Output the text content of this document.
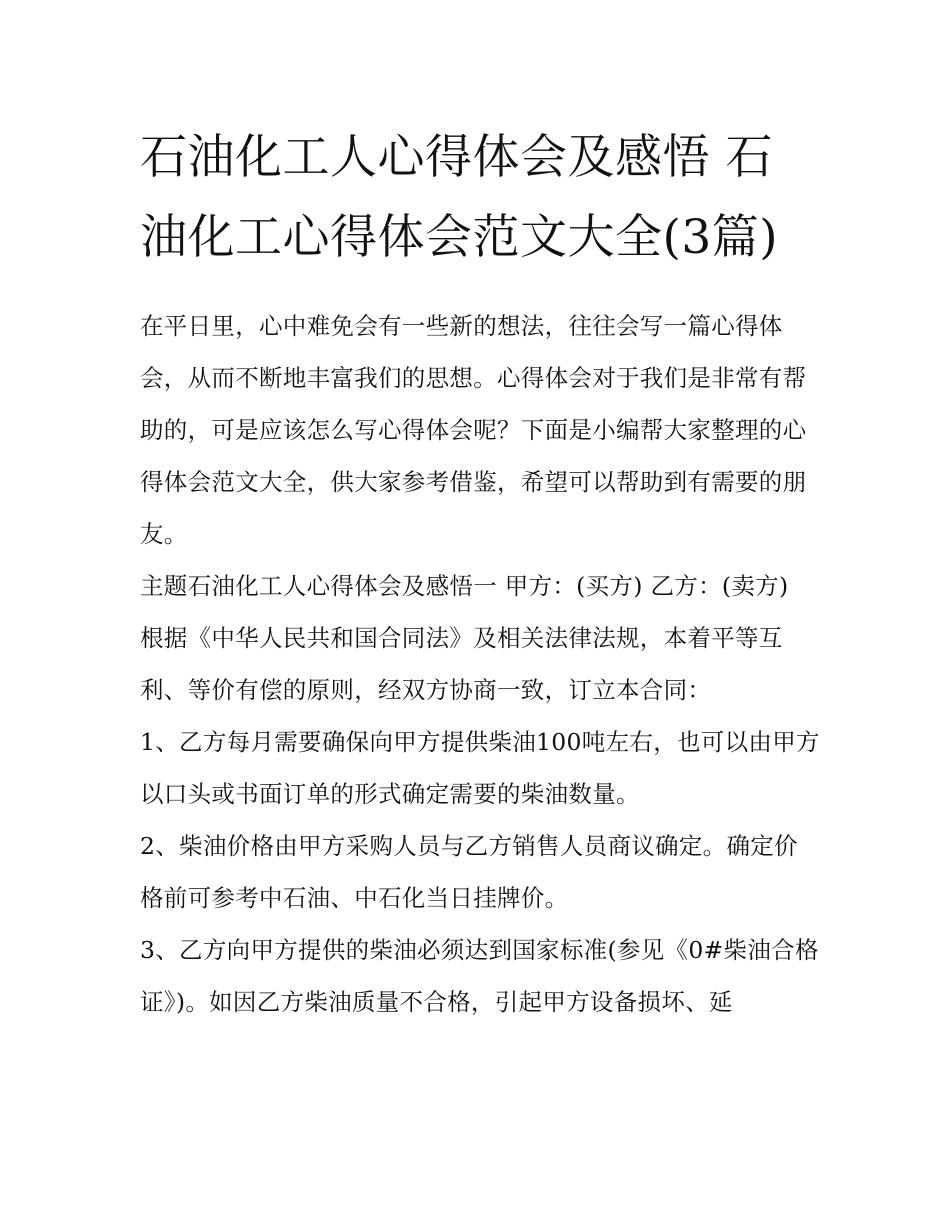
石油化工人心得体会及感悟 石油化工心得体会范文大全(3篇)

在平日里，心中难免会有一些新的想法，往往会写一篇心得体会，从而不断地丰富我们的思想。心得体会对于我们是非常有帮助的，可是应该怎么写心得体会呢？下面是小编帮大家整理的心得体会范文大全，供大家参考借鉴，希望可以帮助到有需要的朋友。

主题石油化工人心得体会及感悟一 甲方：(买方) 乙方：(卖方)

根据《中华人民共和国合同法》及相关法律法规，本着平等互利、等价有偿的原则，经双方协商一致，订立本合同：

1、乙方每月需要确保向甲方提供柴油100吨左右，也可以由甲方以口头或书面订单的形式确定需要的柴油数量。

2、柴油价格由甲方采购人员与乙方销售人员商议确定。确定价格前可参考中石油、中石化当日挂牌价。

3、乙方向甲方提供的柴油必须达到国家标准(参见《0#柴油合格证》)。如因乙方柴油质量不合格，引起甲方设备损坏、延
